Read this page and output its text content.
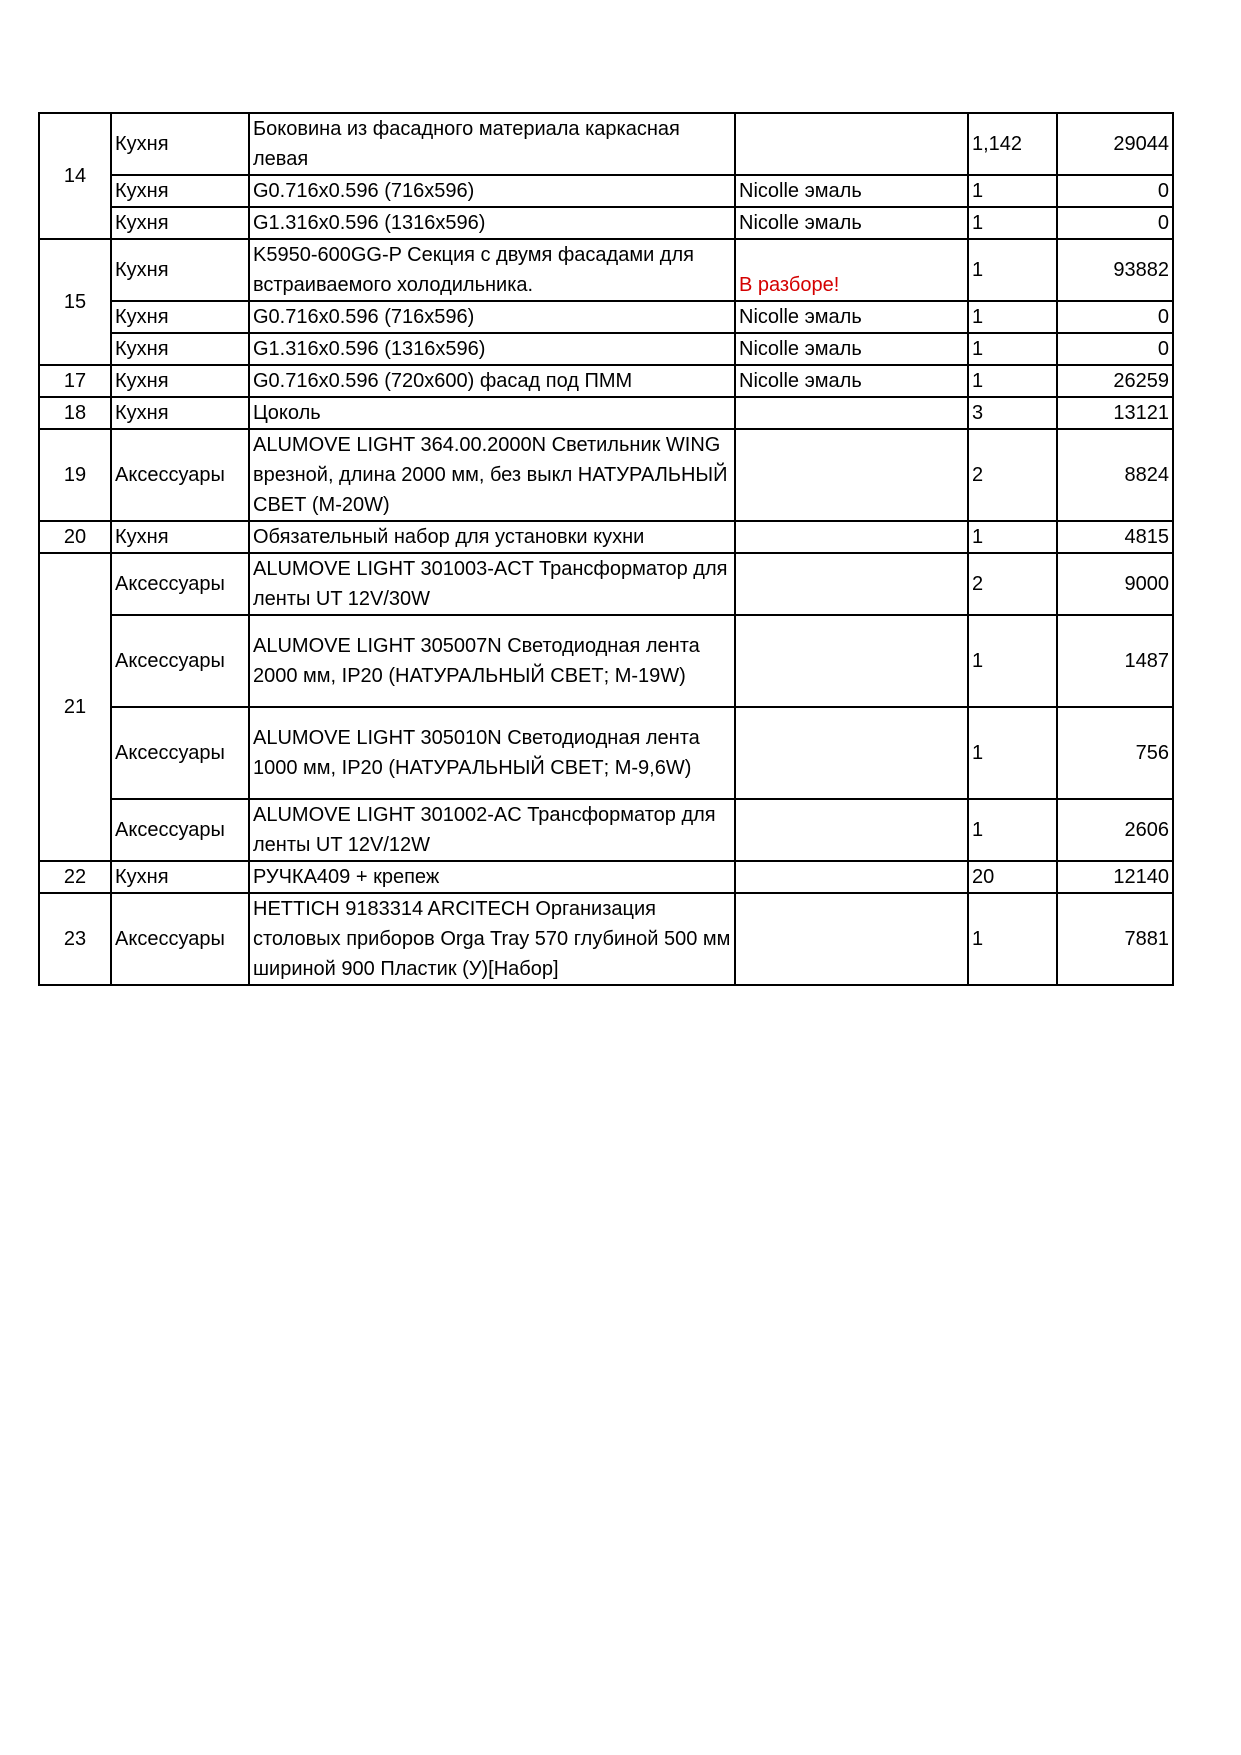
14	Кухня	Боковина из фасадного материала каркасная левая		1,142	29044
	Кухня	G0.716x0.596 (716x596)	Nicolle эмаль	1	0
	Кухня	G1.316x0.596 (1316x596)	Nicolle эмаль	1	0
15	Кухня	K5950-600GG-P Секция с двумя фасадами для встраиваемого холодильника.	В разборе!	1	93882
	Кухня	G0.716x0.596 (716x596)	Nicolle эмаль	1	0
	Кухня	G1.316x0.596 (1316x596)	Nicolle эмаль	1	0
17	Кухня	G0.716x0.596 (720x600) фасад под ПММ	Nicolle эмаль	1	26259
18	Кухня	Цоколь		3	13121
19	Аксессуары	ALUMOVE LIGHT 364.00.2000N Светильник WING врезной, длина 2000 мм, без выкл НАТУРАЛЬНЫЙ СВЕТ (M-20W)		2	8824
20	Кухня	Обязательный набор для установки кухни		1	4815
21	Аксессуары	ALUMOVE LIGHT 301003-ACT Трансформатор для ленты UT 12V/30W		2	9000
	Аксессуары	ALUMOVE LIGHT 305007N Светодиодная лента 2000 мм, IP20 (НАТУРАЛЬНЫЙ СВЕТ; M-19W)		1	1487
	Аксессуары	ALUMOVE LIGHT 305010N Светодиодная лента 1000 мм, IP20 (НАТУРАЛЬНЫЙ СВЕТ; M-9,6W)		1	756
	Аксессуары	ALUMOVE LIGHT 301002-AC Трансформатор для ленты UT 12V/12W		1	2606
22	Кухня	РУЧКА409 + крепеж		20	12140
23	Аксессуары	HETTICH 9183314 ARCITECH Организация столовых приборов Orga Tray 570 глубиной 500 мм шириной 900 Пластик (У)[Набор]		1	7881
